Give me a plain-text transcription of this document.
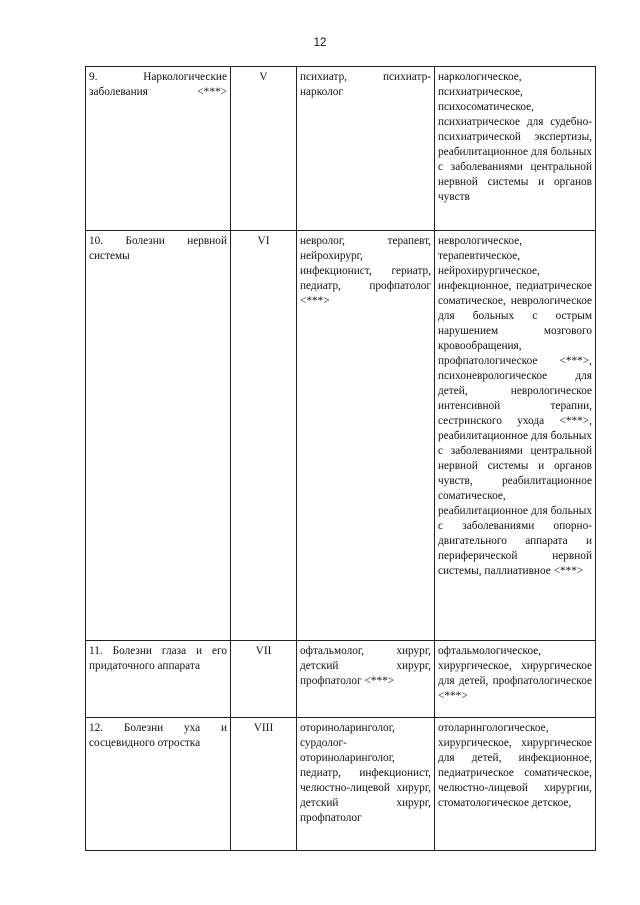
12
9. Наркологические заболевания <***>	V	психиатр, психиатр-нарколог	наркологическое, психиатрическое, психосоматическое, психиатрическое для судебно-психиатрической экспертизы, реабилитационное для больных с заболеваниями центральной нервной системы и органов чувств
10. Болезни нервной системы	VI	невролог, терапевт, нейрохирург, инфекционист, гериатр, педиатр, профпатолог <***>	неврологическое, терапевтическое, нейрохирургическое, инфекционное, педиатрическое соматическое, неврологическое для больных с острым нарушением мозгового кровообращения, профпатологическое <***>, психоневрологическое для детей, неврологическое интенсивной терапии, сестринского ухода <***>, реабилитационное для больных с заболеваниями центральной нервной системы и органов чувств, реабилитационное соматическое, реабилитационное для больных с заболеваниями опорно-двигательного аппарата и периферической нервной системы, паллиативное <***>
11. Болезни глаза и его придаточного аппарата	VII	офтальмолог, хирург, детский хирург, профпатолог <***>	офтальмологическое, хирургическое, хирургическое для детей, профпатологическое <***>
12. Болезни уха и сосцевидного отростка	VIII	оториноларинголог, сурдолог-оториноларинголог, педиатр, инфекционист, челюстно-лицевой хирург, детский хирург, профпатолог	отоларингологическое, хирургическое, хирургическое для детей, инфекционное, педиатрическое соматическое, челюстно-лицевой хирургии, стоматологическое детское,
